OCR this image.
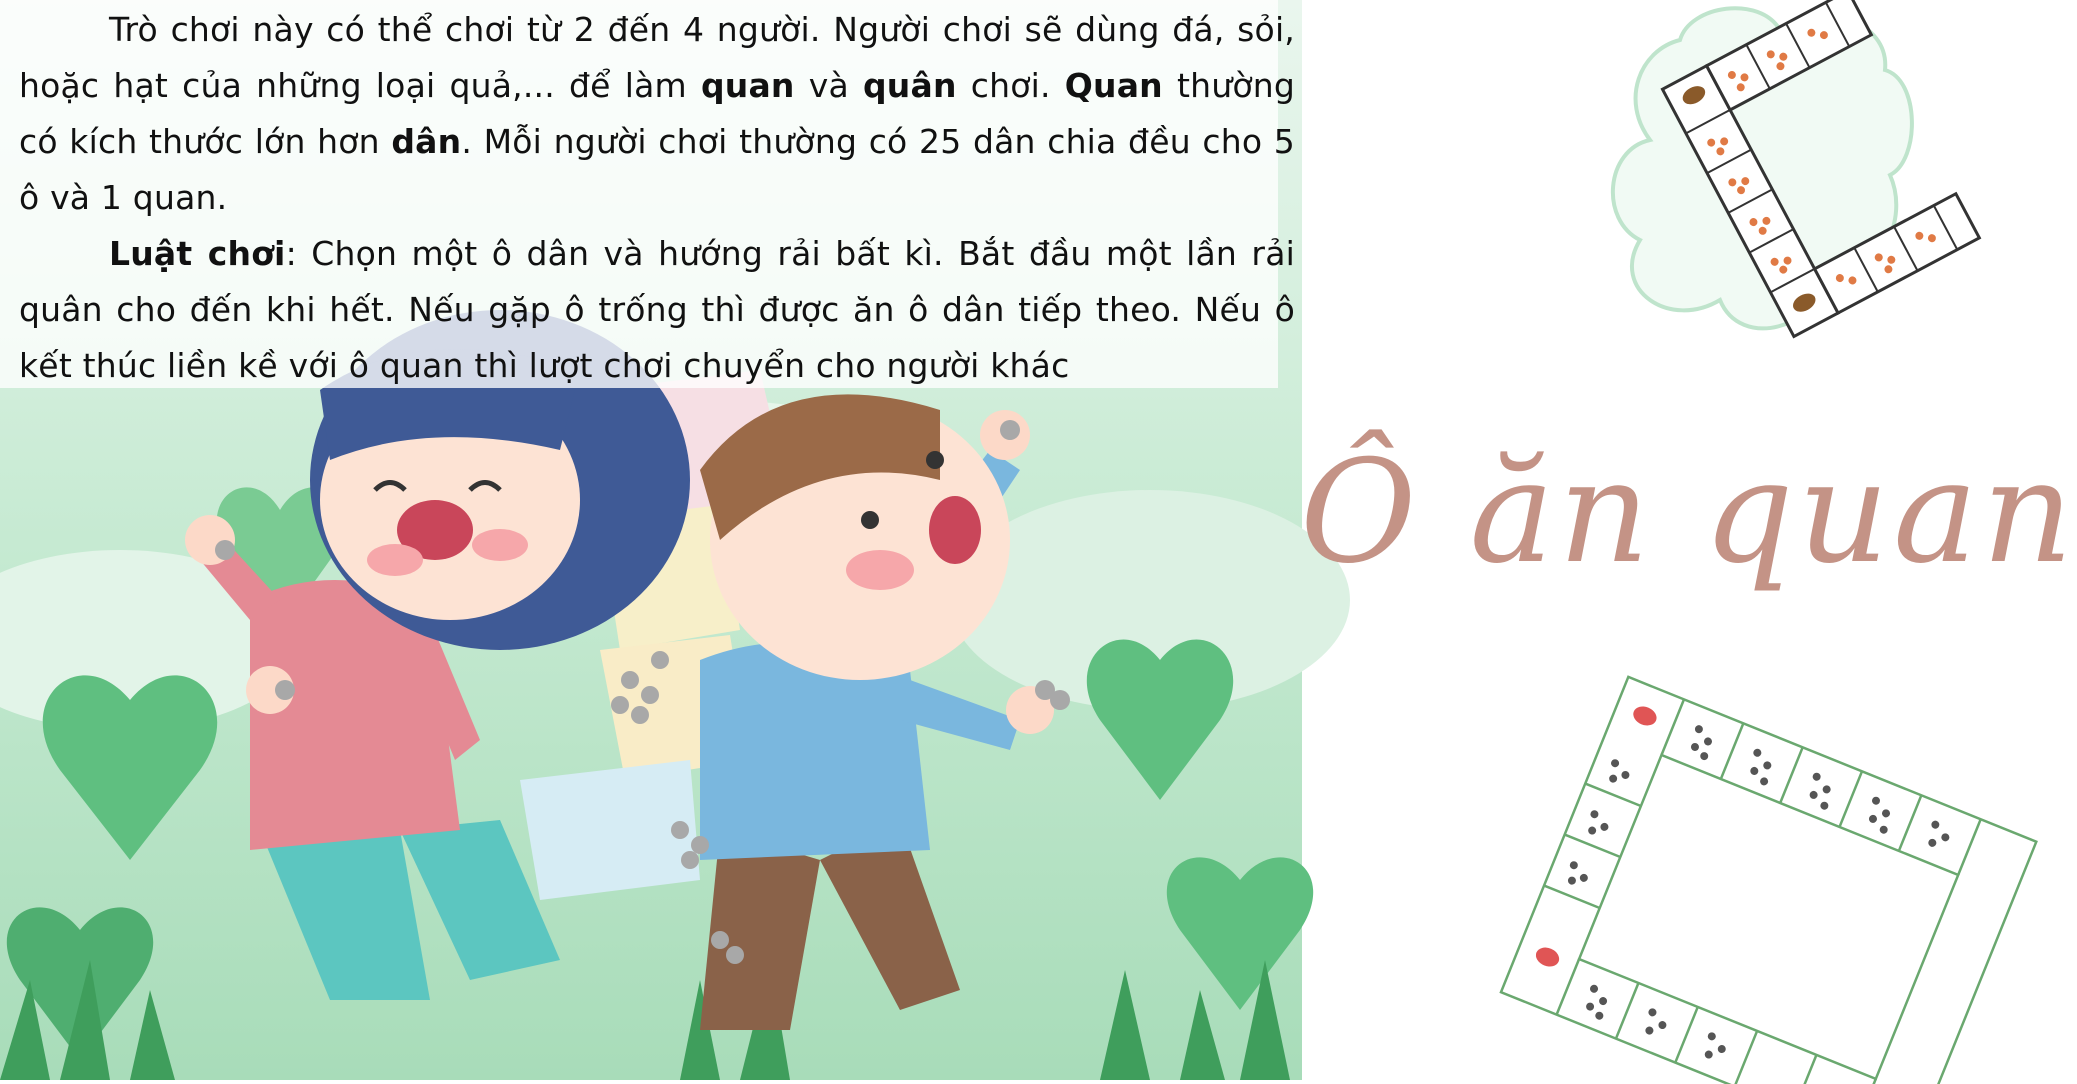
Trò chơi này có thể chơi từ 2 đến 4 người. Người chơi sẽ dùng đá, sỏi, hoặc hạt của những loại quả,... để làm quan và quân chơi. Quan thường có kích thước lớn hơn dân. Mỗi người chơi thường có 25 dân chia đều cho 5 ô và 1 quan.

Luật chơi: Chọn một ô dân và hướng rải bất kì. Bắt đầu một lần rải quân cho đến khi hết. Nếu gặp ô trống thì được ăn ô dân tiếp theo. Nếu ô kết thúc liền kề với ô quan thì lượt chơi chuyển cho người khác

Ô ăn quan
